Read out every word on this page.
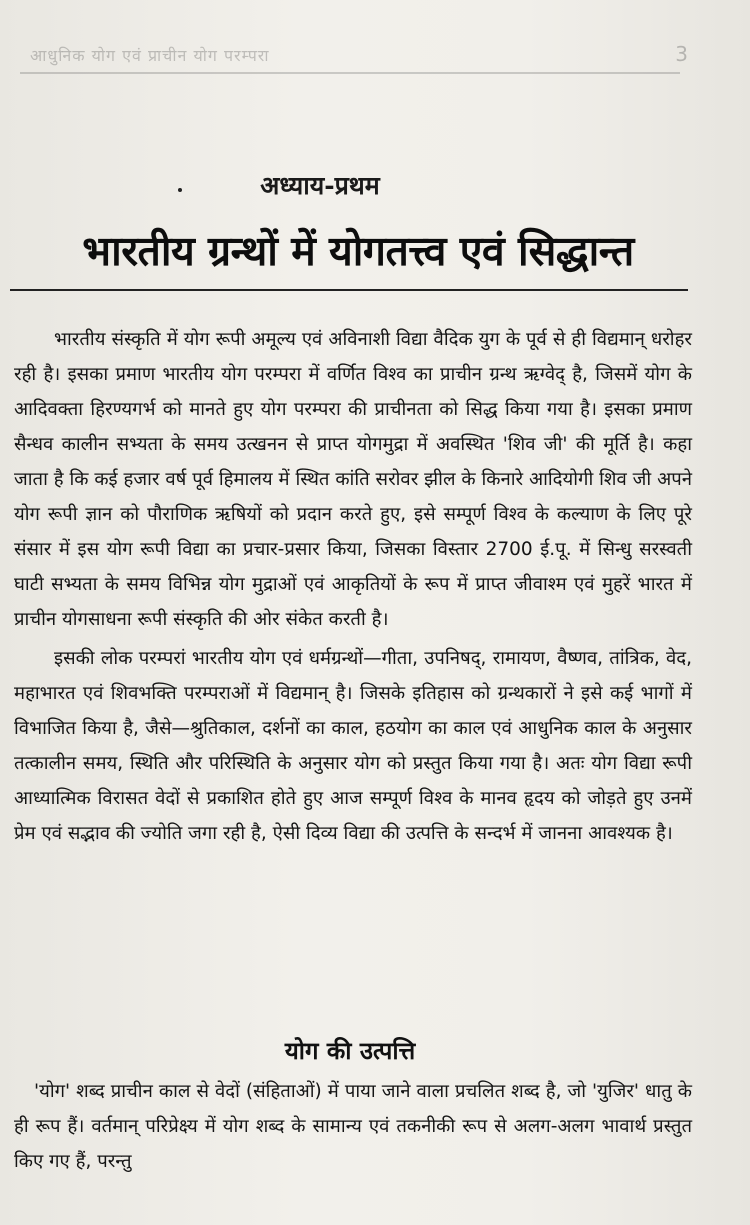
आधुनिक योग एवं प्राचीन योग परम्परा	3
अध्याय-प्रथम
भारतीय ग्रन्थों में योगतत्त्व एवं सिद्धान्त

भारतीय संस्कृति में योग रूपी अमूल्य एवं अविनाशी विद्या वैदिक युग के पूर्व से ही विद्यमान् धरोहर रही है। इसका प्रमाण भारतीय योग परम्परा में वर्णित विश्व का प्राचीन ग्रन्थ ऋग्वेद् है, जिसमें योग के आदिवक्ता हिरण्यगर्भ को मानते हुए योग परम्परा की प्राचीनता को सिद्ध किया गया है। इसका प्रमाण सैन्धव कालीन सभ्यता के समय उत्खनन से प्राप्त योगमुद्रा में अवस्थित 'शिव जी' की मूर्ति है। कहा जाता है कि कई हजार वर्ष पूर्व हिमालय में स्थित कांति सरोवर झील के किनारे आदियोगी शिव जी अपने योग रूपी ज्ञान को पौराणिक ऋषियों को प्रदान करते हुए, इसे सम्पूर्ण विश्व के कल्याण के लिए पूरे संसार में इस योग रूपी विद्या का प्रचार-प्रसार किया, जिसका विस्तार 2700 ई.पू. में सिन्धु सरस्वती घाटी सभ्यता के समय विभिन्न योग मुद्राओं एवं आकृतियों के रूप में प्राप्त जीवाश्म एवं मुहरें भारत में प्राचीन योगसाधना रूपी संस्कृति की ओर संकेत करती है।

इसकी लोक परम्परां भारतीय योग एवं धर्मग्रन्थों—गीता, उपनिषद्, रामायण, वैष्णव, तांत्रिक, वेद, महाभारत एवं शिवभक्ति परम्पराओं में विद्यमान् है। जिसके इतिहास को ग्रन्थकारों ने इसे कई भागों में विभाजित किया है, जैसे—श्रुतिकाल, दर्शनों का काल, हठयोग का काल एवं आधुनिक काल के अनुसार तत्कालीन समय, स्थिति और परिस्थिति के अनुसार योग को प्रस्तुत किया गया है। अतः योग विद्या रूपी आध्यात्मिक विरासत वेदों से प्रकाशित होते हुए आज सम्पूर्ण विश्व के मानव हृदय को जोड़ते हुए उनमें प्रेम एवं सद्भाव की ज्योति जगा रही है, ऐसी दिव्य विद्या की उत्पत्ति के सन्दर्भ में जानना आवश्यक है।

योग की उत्पत्ति

'योग' शब्द प्राचीन काल से वेदों (संहिताओं) में पाया जाने वाला प्रचलित शब्द है, जो 'युजिर' धातु के ही रूप हैं। वर्तमान् परिप्रेक्ष्य में योग शब्द के सामान्य एवं तकनीकी रूप से अलग-अलग भावार्थ प्रस्तुत किए गए हैं, परन्तु
